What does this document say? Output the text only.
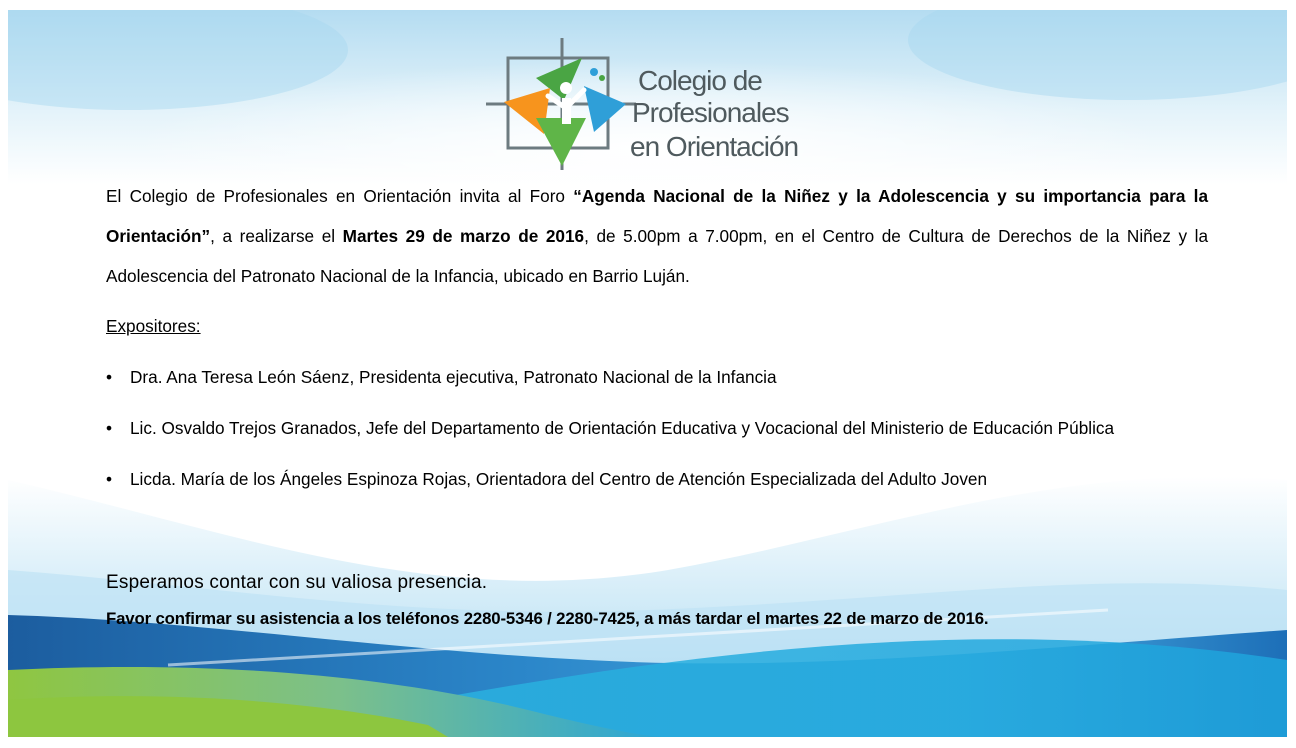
Colegio de
Profesionales
en Orientación

El Colegio de Profesionales en Orientación invita al Foro “Agenda Nacional de la Niñez y la Adolescencia y su importancia para la Orientación”, a realizarse el Martes 29 de marzo de 2016, de 5.00pm a 7.00pm, en el Centro de Cultura de Derechos de la Niñez y la Adolescencia del Patronato Nacional de la Infancia, ubicado en Barrio Luján.

Expositores:
• Dra. Ana Teresa León Sáenz, Presidenta ejecutiva, Patronato Nacional de la Infancia
• Lic. Osvaldo Trejos Granados, Jefe del Departamento de Orientación Educativa y Vocacional del Ministerio de Educación Pública
• Licda. María de los Ángeles Espinoza Rojas, Orientadora del Centro de Atención Especializada del Adulto Joven

Esperamos contar con su valiosa presencia.

Favor confirmar su asistencia a los teléfonos 2280-5346 / 2280-7425, a más tardar el martes 22 de marzo de 2016.
